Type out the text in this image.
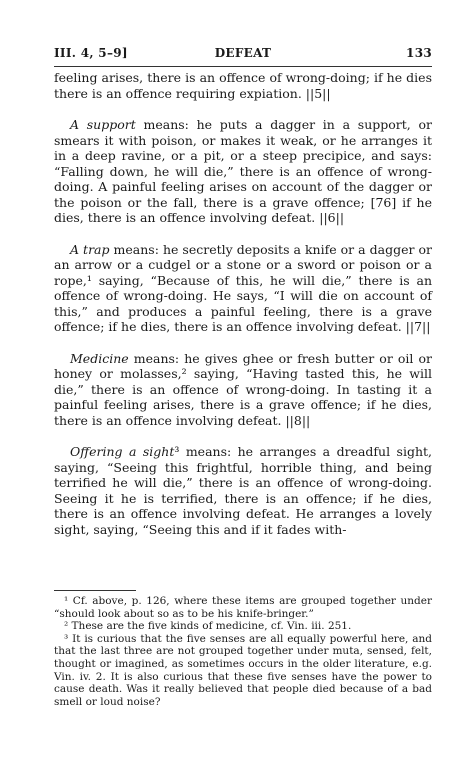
III. 4, 5–9]	DEFEAT	133

feeling arises, there is an offence of wrong-doing; if he dies there is an offence requiring expiation. ||5||

A support means: he puts a dagger in a support, or smears it with poison, or makes it weak, or he arranges it in a deep ravine, or a pit, or a steep precipice, and says: “Falling down, he will die,” there is an offence of wrong-doing. A painful feeling arises on account of the dagger or the poison or the fall, there is a grave offence; [76] if he dies, there is an offence involving defeat. ||6||

A trap means: he secretly deposits a knife or a dagger or an arrow or a cudgel or a stone or a sword or poison or a rope,¹ saying, “Because of this, he will die,” there is an offence of wrong-doing. He says, “I will die on account of this,” and produces a painful feeling, there is a grave offence; if he dies, there is an offence involving defeat. ||7||

Medicine means: he gives ghee or fresh butter or oil or honey or molasses,² saying, “Having tasted this, he will die,” there is an offence of wrong-doing. In tasting it a painful feeling arises, there is a grave offence; if he dies, there is an offence involving defeat. ||8||

Offering a sight³ means: he arranges a dreadful sight, saying, “Seeing this frightful, horrible thing, and being terrified he will die,” there is an offence of wrong-doing. Seeing it he is terrified, there is an offence; if he dies, there is an offence involving defeat. He arranges a lovely sight, saying, “Seeing this and if it fades with-

¹ Cf. above, p. 126, where these items are grouped together under “should look about so as to be his knife-bringer.”

² These are the five kinds of medicine, cf. Vin. iii. 251.

³ It is curious that the five senses are all equally powerful here, and that the last three are not grouped together under muta, sensed, felt, thought or imagined, as sometimes occurs in the older literature, e.g. Vin. iv. 2. It is also curious that these five senses have the power to cause death. Was it really believed that people died because of a bad smell or loud noise?
